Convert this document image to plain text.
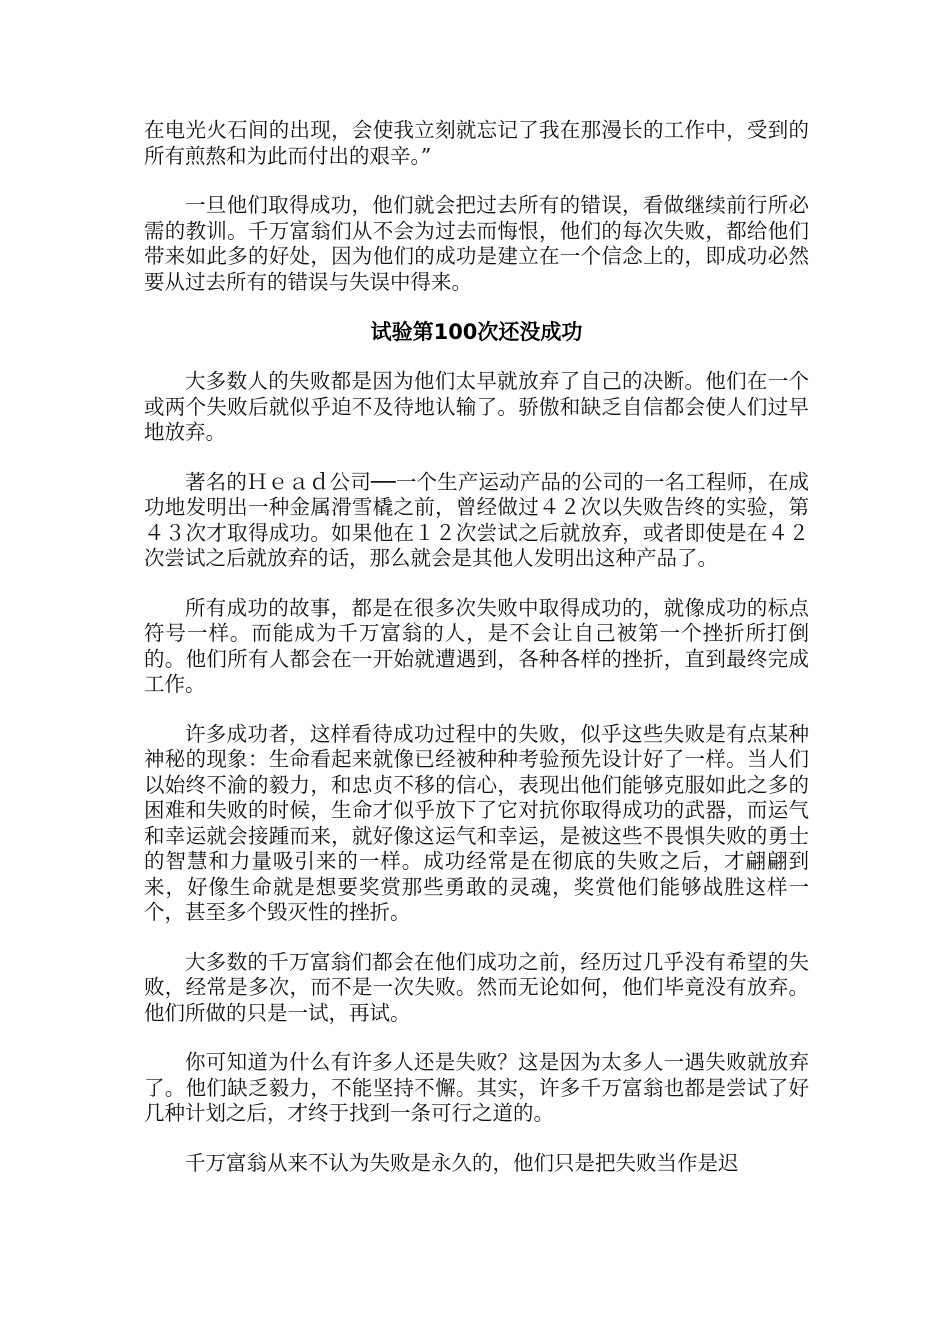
在电光火石间的出现，会使我立刻就忘记了我在那漫长的工作中，受到的所有煎熬和为此而付出的艰辛。”

一旦他们取得成功，他们就会把过去所有的错误，看做继续前行所必需的教训。千万富翁们从不会为过去而悔恨，他们的每次失败，都给他们带来如此多的好处，因为他们的成功是建立在一个信念上的，即成功必然要从过去所有的错误与失误中得来。

试验第100次还没成功

大多数人的失败都是因为他们太早就放弃了自己的决断。他们在一个或两个失败后就似乎迫不及待地认输了。骄傲和缺乏自信都会使人们过早地放弃。

著名的Ｈｅａｄ公司──一个生产运动产品的公司的一名工程师，在成功地发明出一种金属滑雪橇之前，曾经做过４２次以失败告终的实验，第４３次才取得成功。如果他在１２次尝试之后就放弃，或者即使是在４２次尝试之后就放弃的话，那么就会是其他人发明出这种产品了。

所有成功的故事，都是在很多次失败中取得成功的，就像成功的标点符号一样。而能成为千万富翁的人，是不会让自己被第一个挫折所打倒的。他们所有人都会在一开始就遭遇到，各种各样的挫折，直到最终完成工作。

许多成功者，这样看待成功过程中的失败，似乎这些失败是有点某种神秘的现象：生命看起来就像已经被种种考验预先设计好了一样。当人们以始终不渝的毅力，和忠贞不移的信心，表现出他们能够克服如此之多的困难和失败的时候，生命才似乎放下了它对抗你取得成功的武器，而运气和幸运就会接踵而来，就好像这运气和幸运，是被这些不畏惧失败的勇士的智慧和力量吸引来的一样。成功经常是在彻底的失败之后，才翩翩到来，好像生命就是想要奖赏那些勇敢的灵魂，奖赏他们能够战胜这样一个，甚至多个毁灭性的挫折。

大多数的千万富翁们都会在他们成功之前，经历过几乎没有希望的失败，经常是多次，而不是一次失败。然而无论如何，他们毕竟没有放弃。他们所做的只是一试，再试。

你可知道为什么有许多人还是失败？这是因为太多人一遇失败就放弃了。他们缺乏毅力，不能坚持不懈。其实，许多千万富翁也都是尝试了好几种计划之后，才终于找到一条可行之道的。

千万富翁从来不认为失败是永久的，他们只是把失败当作是迟
